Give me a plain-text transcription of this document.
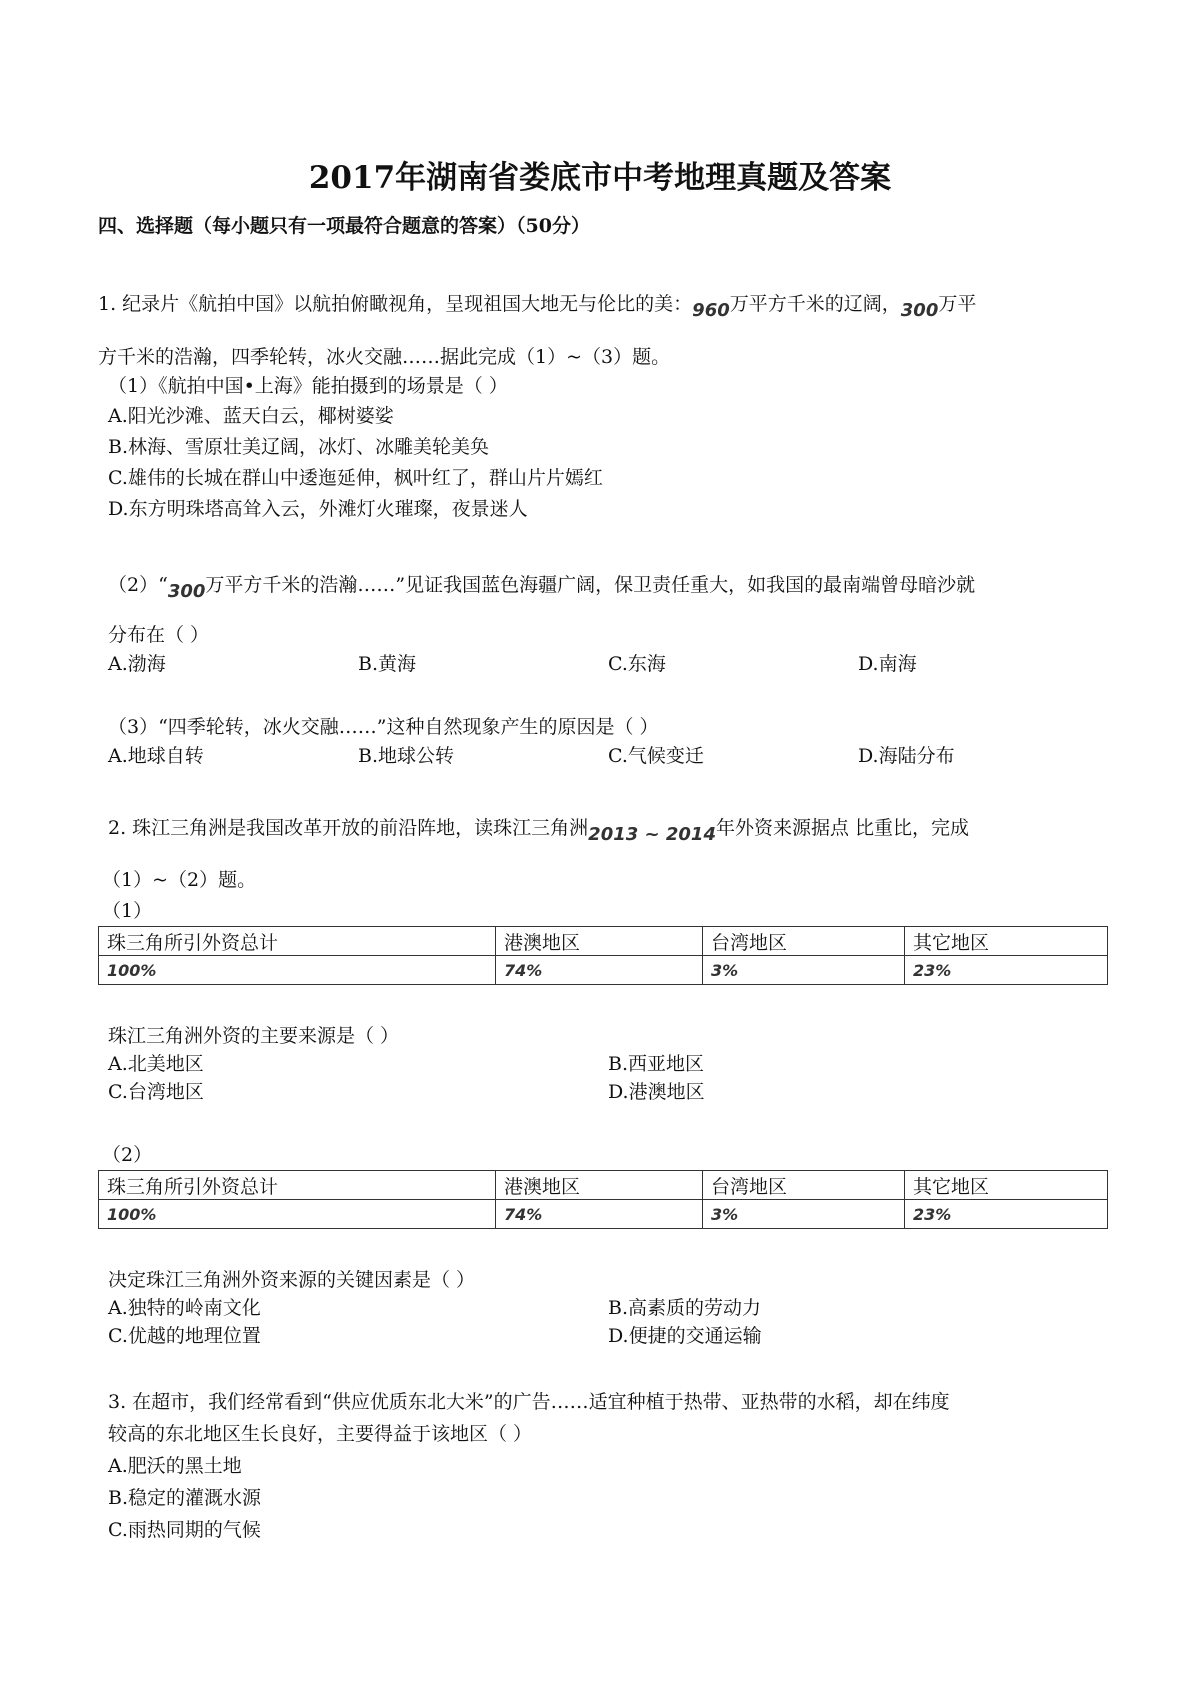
2017年湖南省娄底市中考地理真题及答案
四、选择题（每小题只有一项最符合题意的答案）（50分）
1. 纪录片《航拍中国》以航拍俯瞰视角，呈现祖国大地无与伦比的美：960万平方千米的辽阔，300万平
方千米的浩瀚，四季轮转，冰火交融……据此完成（1）~（3）题。
（1）《航拍中国•上海》能拍摄到的场景是（ ）
A.阳光沙滩、蓝天白云，椰树婆娑
B.林海、雪原壮美辽阔，冰灯、冰雕美轮美奂
C.雄伟的长城在群山中逶迤延伸，枫叶红了，群山片片嫣红
D.东方明珠塔高耸入云，外滩灯火璀璨，夜景迷人
（2）“300万平方千米的浩瀚……”见证我国蓝色海疆广阔，保卫责任重大，如我国的最南端曾母暗沙就
分布在（ ）
A.渤海	B.黄海	C.东海	D.南海
（3）“四季轮转，冰火交融……”这种自然现象产生的原因是（ ）
A.地球自转	B.地球公转	C.气候变迁	D.海陆分布
2. 珠江三角洲是我国改革开放的前沿阵地，读珠江三角洲2013 ~ 2014年外资来源据点 比重比，完成
（1）~（2）题。
（1）
珠三角所引外资总计	港澳地区	台湾地区	其它地区
100%	74%	3%	23%
珠江三角洲外资的主要来源是（ ）
A.北美地区	B.西亚地区
C.台湾地区	D.港澳地区
（2）
珠三角所引外资总计	港澳地区	台湾地区	其它地区
100%	74%	3%	23%
决定珠江三角洲外资来源的关键因素是（ ）
A.独特的岭南文化	B.高素质的劳动力
C.优越的地理位置	D.便捷的交通运输
3. 在超市，我们经常看到“供应优质东北大米”的广告……适宜种植于热带、亚热带的水稻，却在纬度
较高的东北地区生长良好，主要得益于该地区（ ）
A.肥沃的黑土地
B.稳定的灌溉水源
C.雨热同期的气候
